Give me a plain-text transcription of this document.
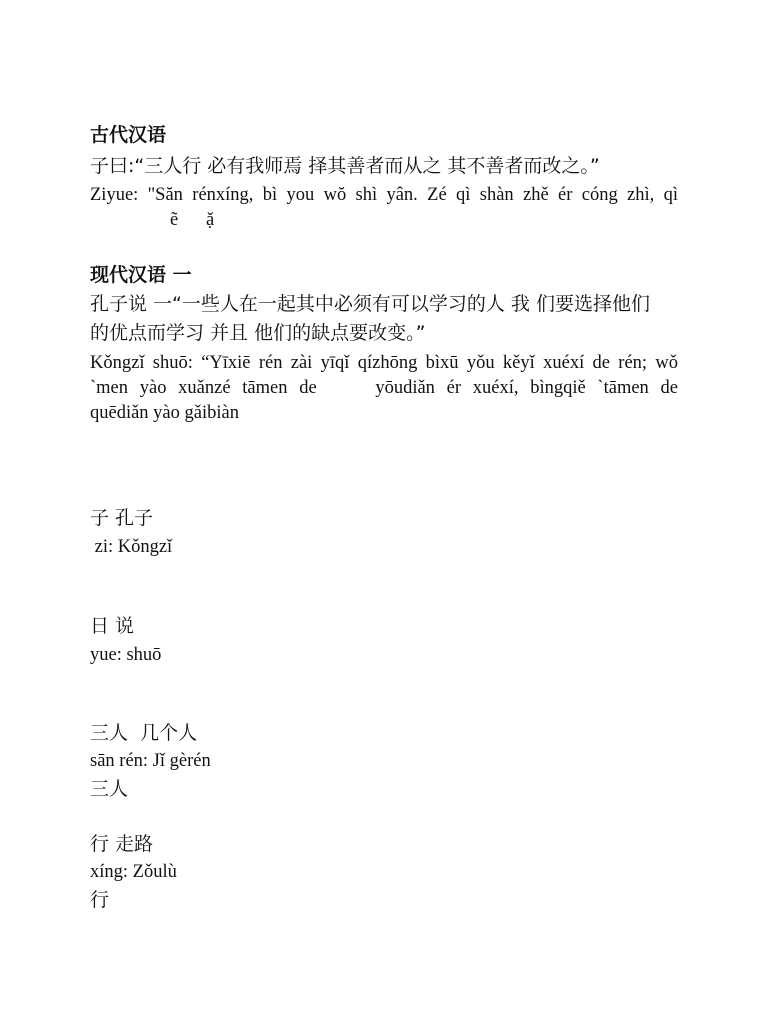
古代汉语
子曰:“三人行 必有我师焉 择其善者而从之 其不善者而改之。”
Ziyue: "Săn rénxíng, bì you wŏ shì yân. Zé qì shàn zhě ér cóng zhì, qì
ẽ      ặ
现代汉语 一
孔子说 一“一些人在一起其中必须有可以学习的人 我 们要选择他们
的优点而学习 并且 他们的缺点要改变。”
Kǒngzǐ shuō: “Yīxiē rén zài yīqǐ qízhōng bìxū yǒu kěyǐ xuéxí de rén; wǒ
`men yào xuǎnzé tāmen de     yōudiǎn ér xuéxí, bìngqiě `tāmen de
quēdiǎn yào gǎibiàn
子 孔子
zi: Kǒngzǐ
日 说
yue: shuō
三人  几个人
sān rén: Jǐ gèrén
三人
行 走路
xíng: Zǒulù
行
